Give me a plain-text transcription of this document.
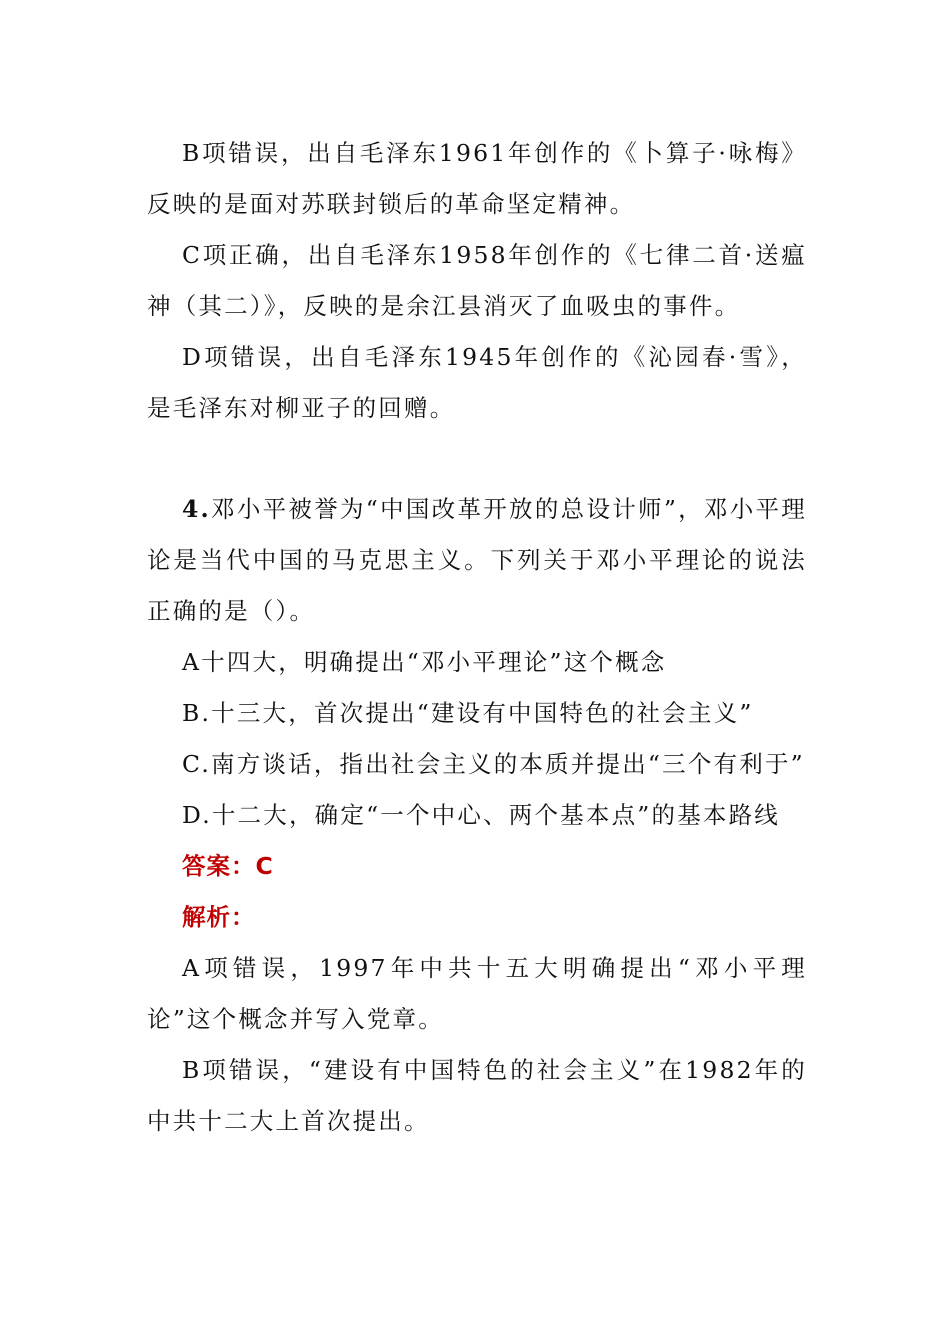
B项错误，出自毛泽东1961年创作的《卜算子·咏梅》反映的是面对苏联封锁后的革命坚定精神。

C项正确，出自毛泽东1958年创作的《七律二首·送瘟神（其二）》，反映的是余江县消灭了血吸虫的事件。

D项错误，出自毛泽东1945年创作的《沁园春·雪》，是毛泽东对柳亚子的回赠。

4.邓小平被誉为“中国改革开放的总设计师”，邓小平理论是当代中国的马克思主义。下列关于邓小平理论的说法正确的是（）。

A十四大，明确提出“邓小平理论”这个概念

B.十三大，首次提出“建设有中国特色的社会主义”

C.南方谈话，指出社会主义的本质并提出“三个有利于”

D.十二大，确定“一个中心、两个基本点”的基本路线

答案：C

解析：

A项错误，1997年中共十五大明确提出“邓小平理论”这个概念并写入党章。

B项错误，“建设有中国特色的社会主义”在1982年的中共十二大上首次提出。
